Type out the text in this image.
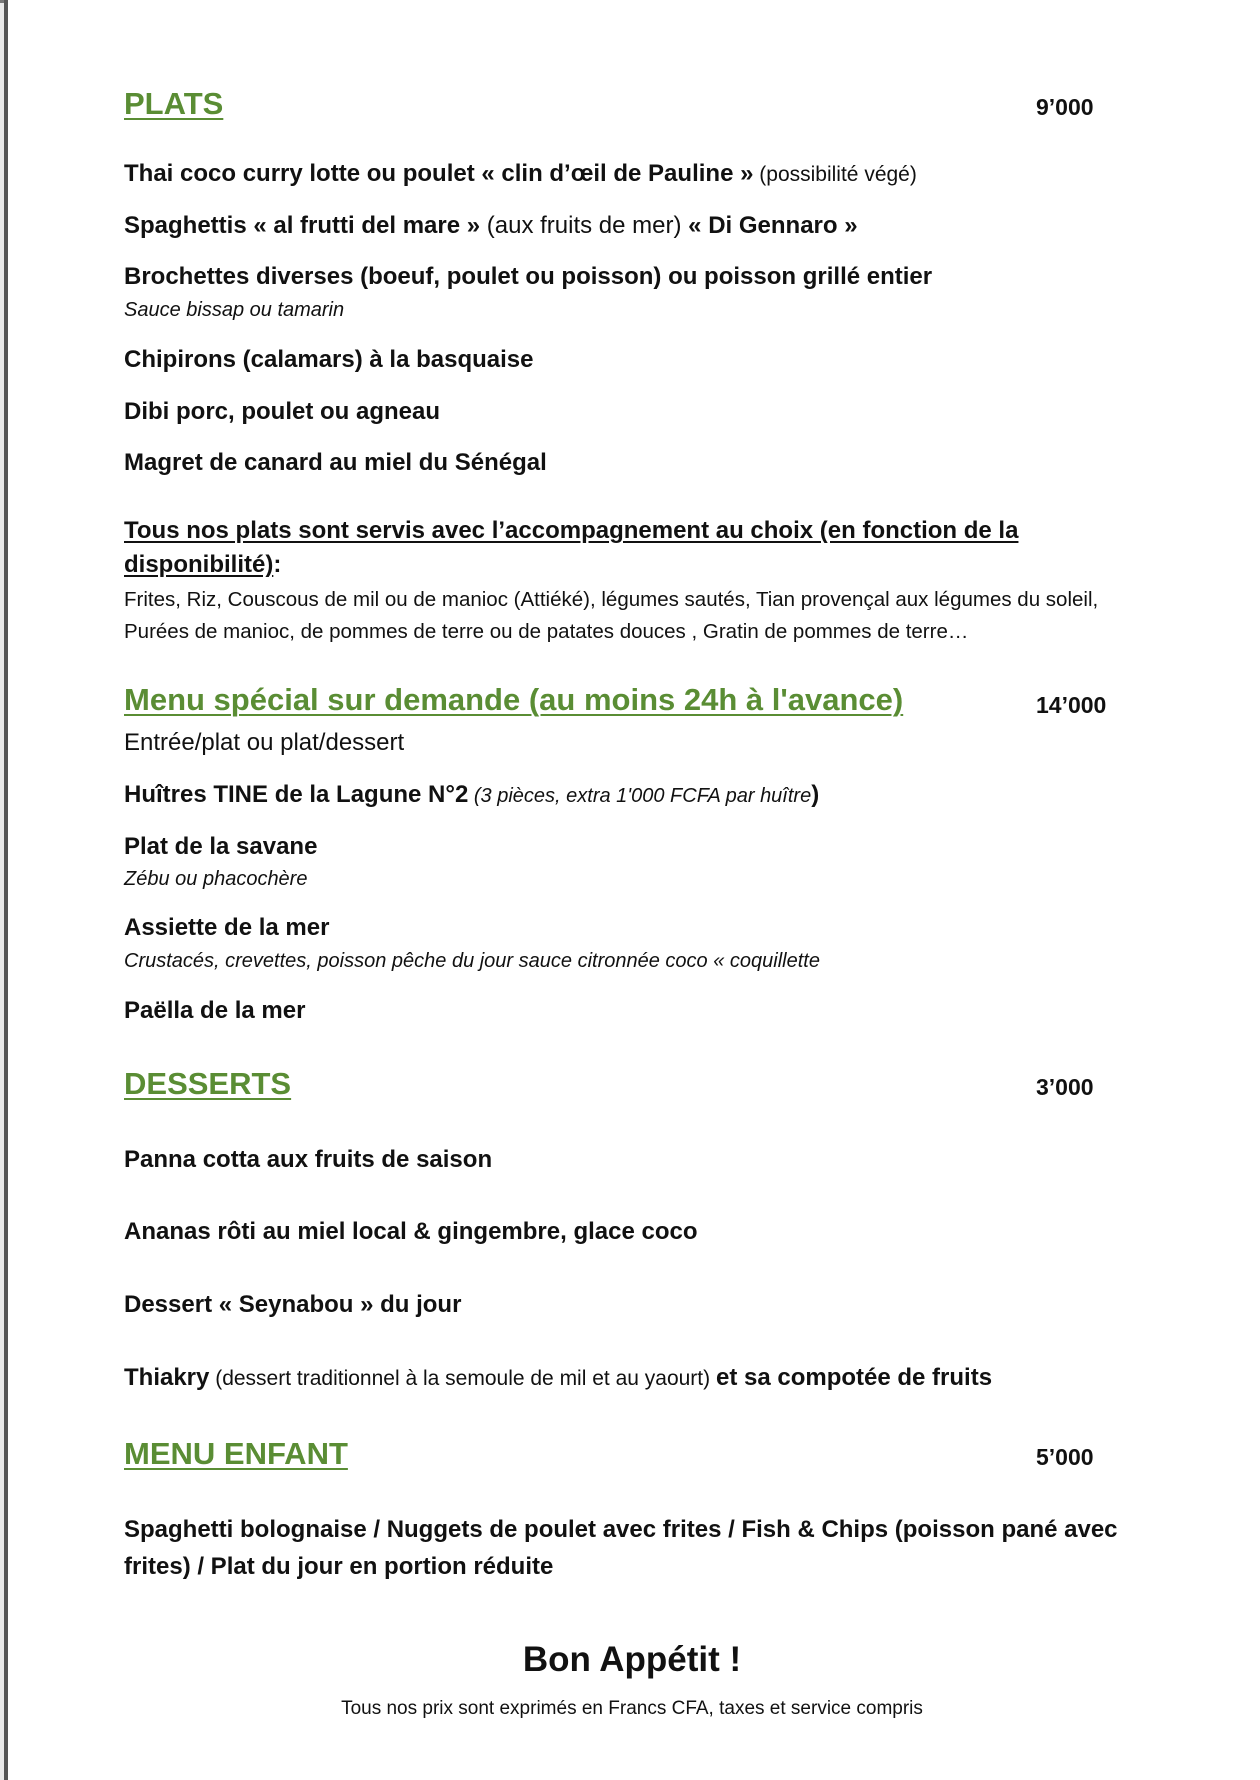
PLATS	9’000
Thai coco curry lotte ou poulet « clin d’œil de Pauline » (possibilité végé)
Spaghettis « al frutti del mare » (aux fruits de mer) « Di Gennaro »
Brochettes diverses (boeuf, poulet ou poisson) ou poisson grillé entier
Sauce bissap ou tamarin
Chipirons (calamars) à la basquaise
Dibi porc, poulet ou agneau
Magret de canard au miel du Sénégal
Tous nos plats sont servis avec l’accompagnement au choix (en fonction de la disponibilité):
Frites, Riz, Couscous de mil ou de manioc (Attiéké), légumes sautés, Tian provençal aux légumes du soleil, Purées de manioc, de pommes de terre ou de patates douces , Gratin de pommes de terre…
Menu spécial sur demande (au moins 24h à l'avance)	14’000
Entrée/plat ou plat/dessert
Huîtres TINE de la Lagune N°2 (3 pièces, extra 1'000 FCFA par huître)
Plat de la savane
Zébu ou phacochère
Assiette de la mer
Crustacés, crevettes, poisson pêche du jour sauce citronnée coco « coquillette
Paëlla de la mer
DESSERTS	3’000
Panna cotta aux fruits de saison
Ananas rôti au miel local & gingembre, glace coco
Dessert « Seynabou » du jour
Thiakry (dessert traditionnel à la semoule de mil et au yaourt) et sa compotée de fruits
MENU ENFANT	5’000
Spaghetti bolognaise / Nuggets de poulet avec frites / Fish & Chips (poisson pané avec frites) / Plat du jour en portion réduite
Bon Appétit !
Tous nos prix sont exprimés en Francs CFA, taxes et service compris
